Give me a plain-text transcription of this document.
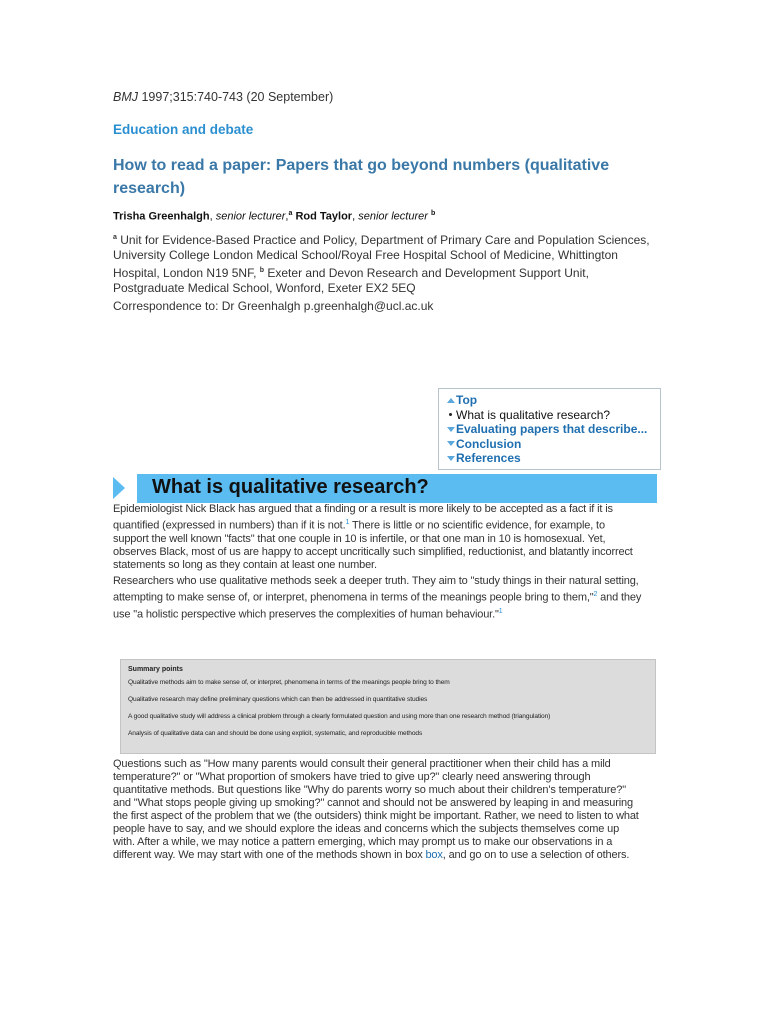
BMJ 1997;315:740-743 (20 September)
Education and debate
How to read a paper: Papers that go beyond numbers (qualitative research)
Trisha Greenhalgh, senior lecturer,$^a$ Rod Taylor, senior lecturer $^b$
$^a$ Unit for Evidence-Based Practice and Policy, Department of Primary Care and Population Sciences, University College London Medical School/Royal Free Hospital School of Medicine, Whittington Hospital, London N19 5NF, $^b$ Exeter and Devon Research and Development Support Unit, Postgraduate Medical School, Wonford, Exeter EX2 5EQ
Correspondence to: Dr Greenhalgh p.greenhalgh@ucl.ac.uk
Top
What is qualitative research?
Evaluating papers that describe...
Conclusion
References
What is qualitative research?
Epidemiologist Nick Black has argued that a finding or a result is more likely to be accepted as a fact if it is quantified (expressed in numbers) than if it is not.$^1$ There is little or no scientific evidence, for example, to support the well known "facts" that one couple in 10 is infertile, or that one man in 10 is homosexual. Yet, observes Black, most of us are happy to accept uncritically such simplified, reductionist, and blatantly incorrect statements so long as they contain at least one number.
Researchers who use qualitative methods seek a deeper truth. They aim to "study things in their natural setting, attempting to make sense of, or interpret, phenomena in terms of the meanings people bring to them,"$^2$ and they use "a holistic perspective which preserves the complexities of human behaviour."$^1$
Summary points
Qualitative methods aim to make sense of, or interpret, phenomena in terms of the meanings people bring to them
Qualitative research may define preliminary questions which can then be addressed in quantitative studies
A good qualitative study will address a clinical problem through a clearly formulated question and using more than one research method (triangulation)
Analysis of qualitative data can and should be done using explicit, systematic, and reproducible methods
Questions such as "How many parents would consult their general practitioner when their child has a mild temperature?" or "What proportion of smokers have tried to give up?" clearly need answering through quantitative methods. But questions like "Why do parents worry so much about their children's temperature?" and "What stops people giving up smoking?" cannot and should not be answered by leaping in and measuring the first aspect of the problem that we (the outsiders) think might be important. Rather, we need to listen to what people have to say, and we should explore the ideas and concerns which the subjects themselves come up with. After a while, we may notice a pattern emerging, which may prompt us to make our observations in a different way. We may start with one of the methods shown in box box, and go on to use a selection of others.
